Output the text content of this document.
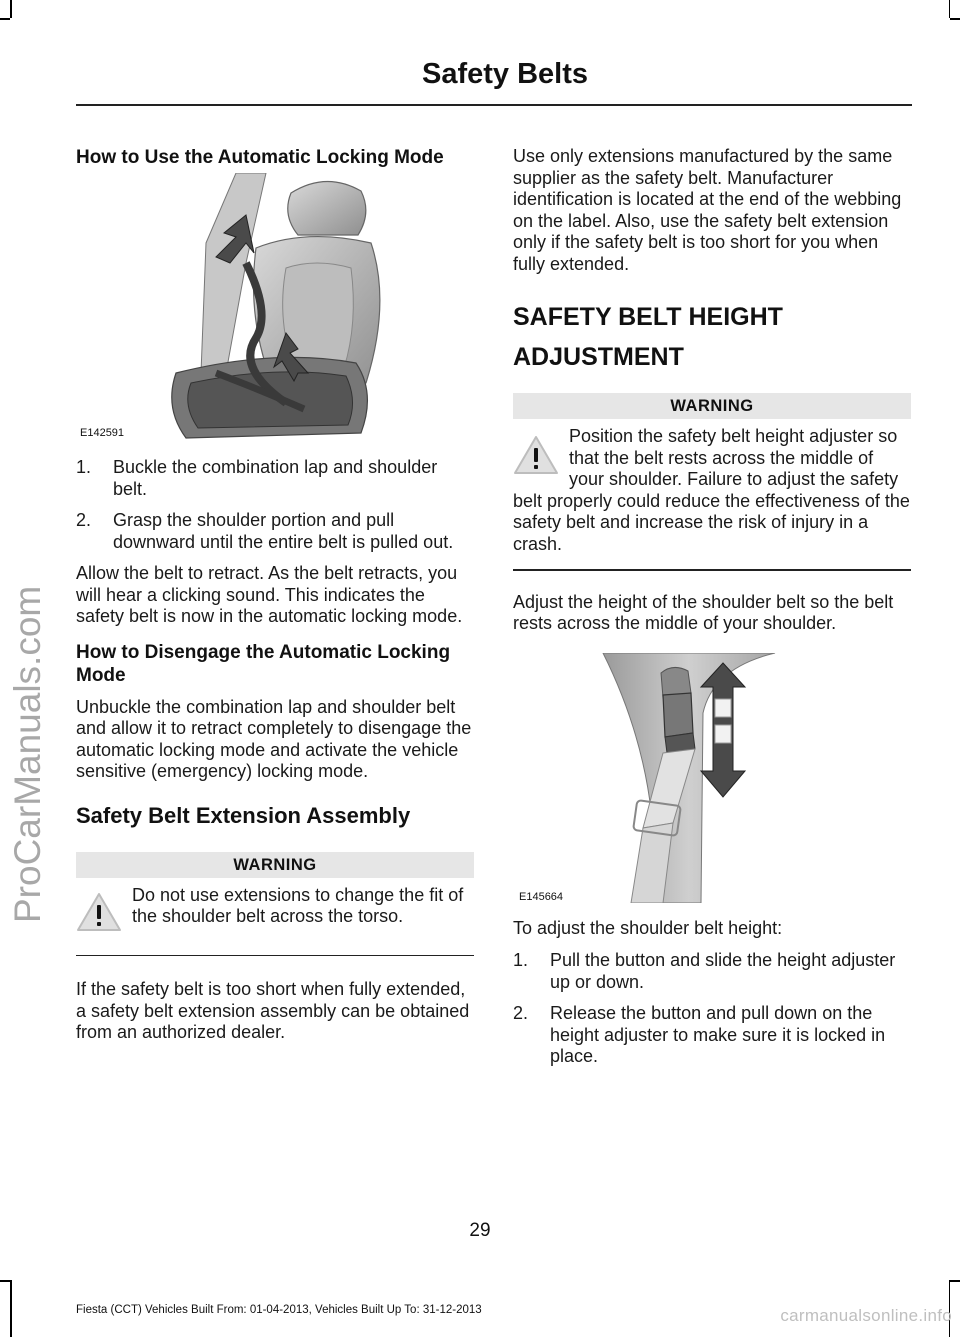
ProCarManuals.com
Safety Belts
How to Use the Automatic Locking Mode
E142591
1. Buckle the combination lap and shoulder belt.
2. Grasp the shoulder portion and pull downward until the entire belt is pulled out.

Allow the belt to retract. As the belt retracts, you will hear a clicking sound. This indicates the safety belt is now in the automatic locking mode.

How to Disengage the Automatic Locking Mode

Unbuckle the combination lap and shoulder belt and allow it to retract completely to disengage the automatic locking mode and activate the vehicle sensitive (emergency) locking mode.

Safety Belt Extension Assembly
WARNING
Do not use extensions to change the fit of the shoulder belt across the torso.

If the safety belt is too short when fully extended, a safety belt extension assembly can be obtained from an authorized dealer.

Use only extensions manufactured by the same supplier as the safety belt. Manufacturer identification is located at the end of the webbing on the label. Also, use the safety belt extension only if the safety belt is too short for you when fully extended.

SAFETY BELT HEIGHT
ADJUSTMENT
WARNING
Position the safety belt height adjuster so that the belt rests across the middle of your shoulder. Failure to adjust the safety belt properly could reduce the effectiveness of the safety belt and increase the risk of injury in a crash.

Adjust the height of the shoulder belt so the belt rests across the middle of your shoulder.

E145664

To adjust the shoulder belt height:

1. Pull the button and slide the height adjuster up or down.
2. Release the button and pull down on the height adjuster to make sure it is locked in place.
29
Fiesta (CCT) Vehicles Built From: 01-04-2013, Vehicles Built Up To: 31-12-2013	carmanualsonline.info
